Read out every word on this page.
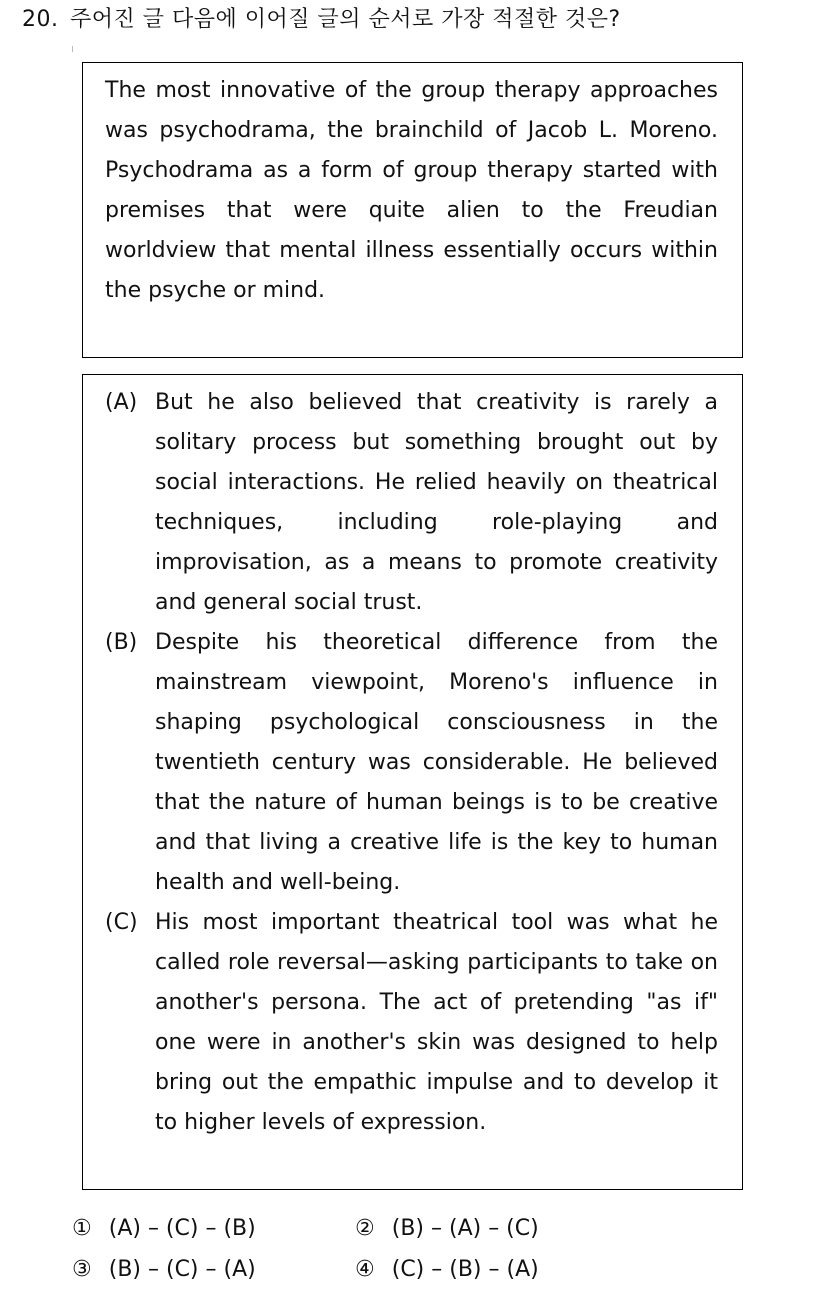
20. 주어진 글 다음에 이어질 글의 순서로 가장 적절한 것은?
The most innovative of the group therapy approaches was psychodrama, the brainchild of Jacob L. Moreno. Psychodrama as a form of group therapy started with premises that were quite alien to the Freudian worldview that mental illness essentially occurs within the psyche or mind.
(A) But he also believed that creativity is rarely a solitary process but something brought out by social interactions. He relied heavily on theatrical techniques, including role-playing and improvisation, as a means to promote creativity and general social trust.
(B) Despite his theoretical difference from the mainstream viewpoint, Moreno's influence in shaping psychological consciousness in the twentieth century was considerable. He believed that the nature of human beings is to be creative and that living a creative life is the key to human health and well-being.
(C) His most important theatrical tool was what he called role reversal—asking participants to take on another's persona. The act of pretending "as if" one were in another's skin was designed to help bring out the empathic impulse and to develop it to higher levels of expression.
① (A) – (C) – (B)	② (B) – (A) – (C)
③ (B) – (C) – (A)	④ (C) – (B) – (A)
